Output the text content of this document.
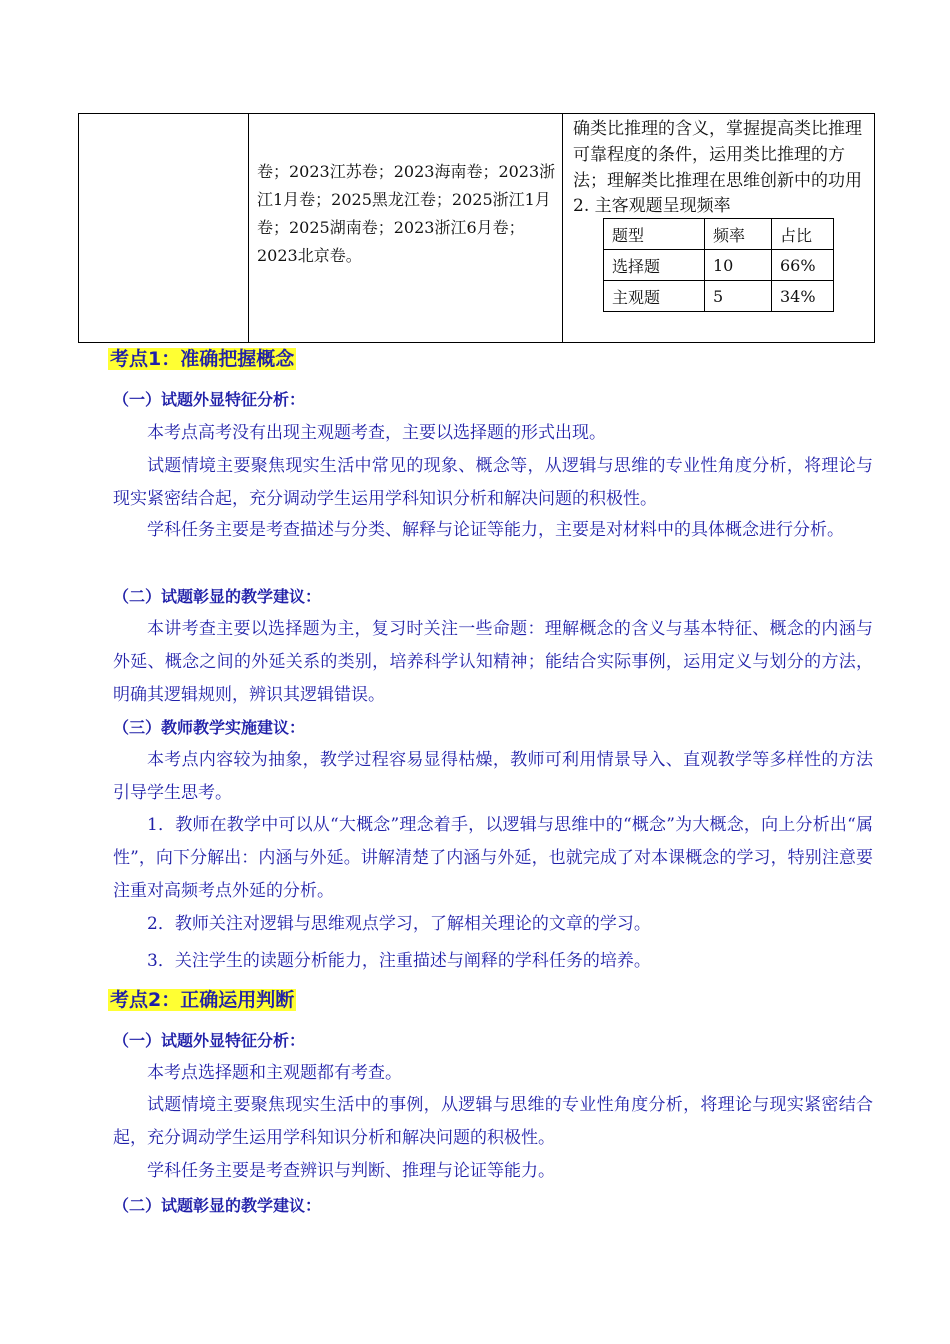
卷；2023江苏卷；2023海南卷；2023浙江1月卷；2025黑龙江卷；2025浙江1月卷；2025湖南卷；2023浙江6月卷；2023北京卷。

确类比推理的含义，掌握提高类比推理可靠程度的条件，运用类比推理的方法；理解类比推理在思维创新中的功用
2. 主客观题呈现频率
题型	频率	占比
选择题	10	66%
主观题	5	34%
考点1：准确把握概念
（一）试题外显特征分析：
本考点高考没有出现主观题考查，主要以选择题的形式出现。
试题情境主要聚焦现实生活中常见的现象、概念等，从逻辑与思维的专业性角度分析，将理论与现实紧密结合起，充分调动学生运用学科知识分析和解决问题的积极性。
学科任务主要是考查描述与分类、解释与论证等能力，主要是对材料中的具体概念进行分析。
（二）试题彰显的教学建议：
本讲考查主要以选择题为主，复习时关注一些命题：理解概念的含义与基本特征、概念的内涵与外延、概念之间的外延关系的类别，培养科学认知精神；能结合实际事例，运用定义与划分的方法，明确其逻辑规则，辨识其逻辑错误。
（三）教师教学实施建议：
本考点内容较为抽象，教学过程容易显得枯燥，教师可利用情景导入、直观教学等多样性的方法引导学生思考。
1．教师在教学中可以从“大概念”理念着手，以逻辑与思维中的“概念”为大概念，向上分析出“属性”，向下分解出：内涵与外延。讲解清楚了内涵与外延，也就完成了对本课概念的学习，特别注意要注重对高频考点外延的分析。
2．教师关注对逻辑与思维观点学习，了解相关理论的文章的学习。
3．关注学生的读题分析能力，注重描述与阐释的学科任务的培养。
考点2：正确运用判断
（一）试题外显特征分析：
本考点选择题和主观题都有考查。
试题情境主要聚焦现实生活中的事例，从逻辑与思维的专业性角度分析，将理论与现实紧密结合起，充分调动学生运用学科知识分析和解决问题的积极性。
学科任务主要是考查辨识与判断、推理与论证等能力。
（二）试题彰显的教学建议：
